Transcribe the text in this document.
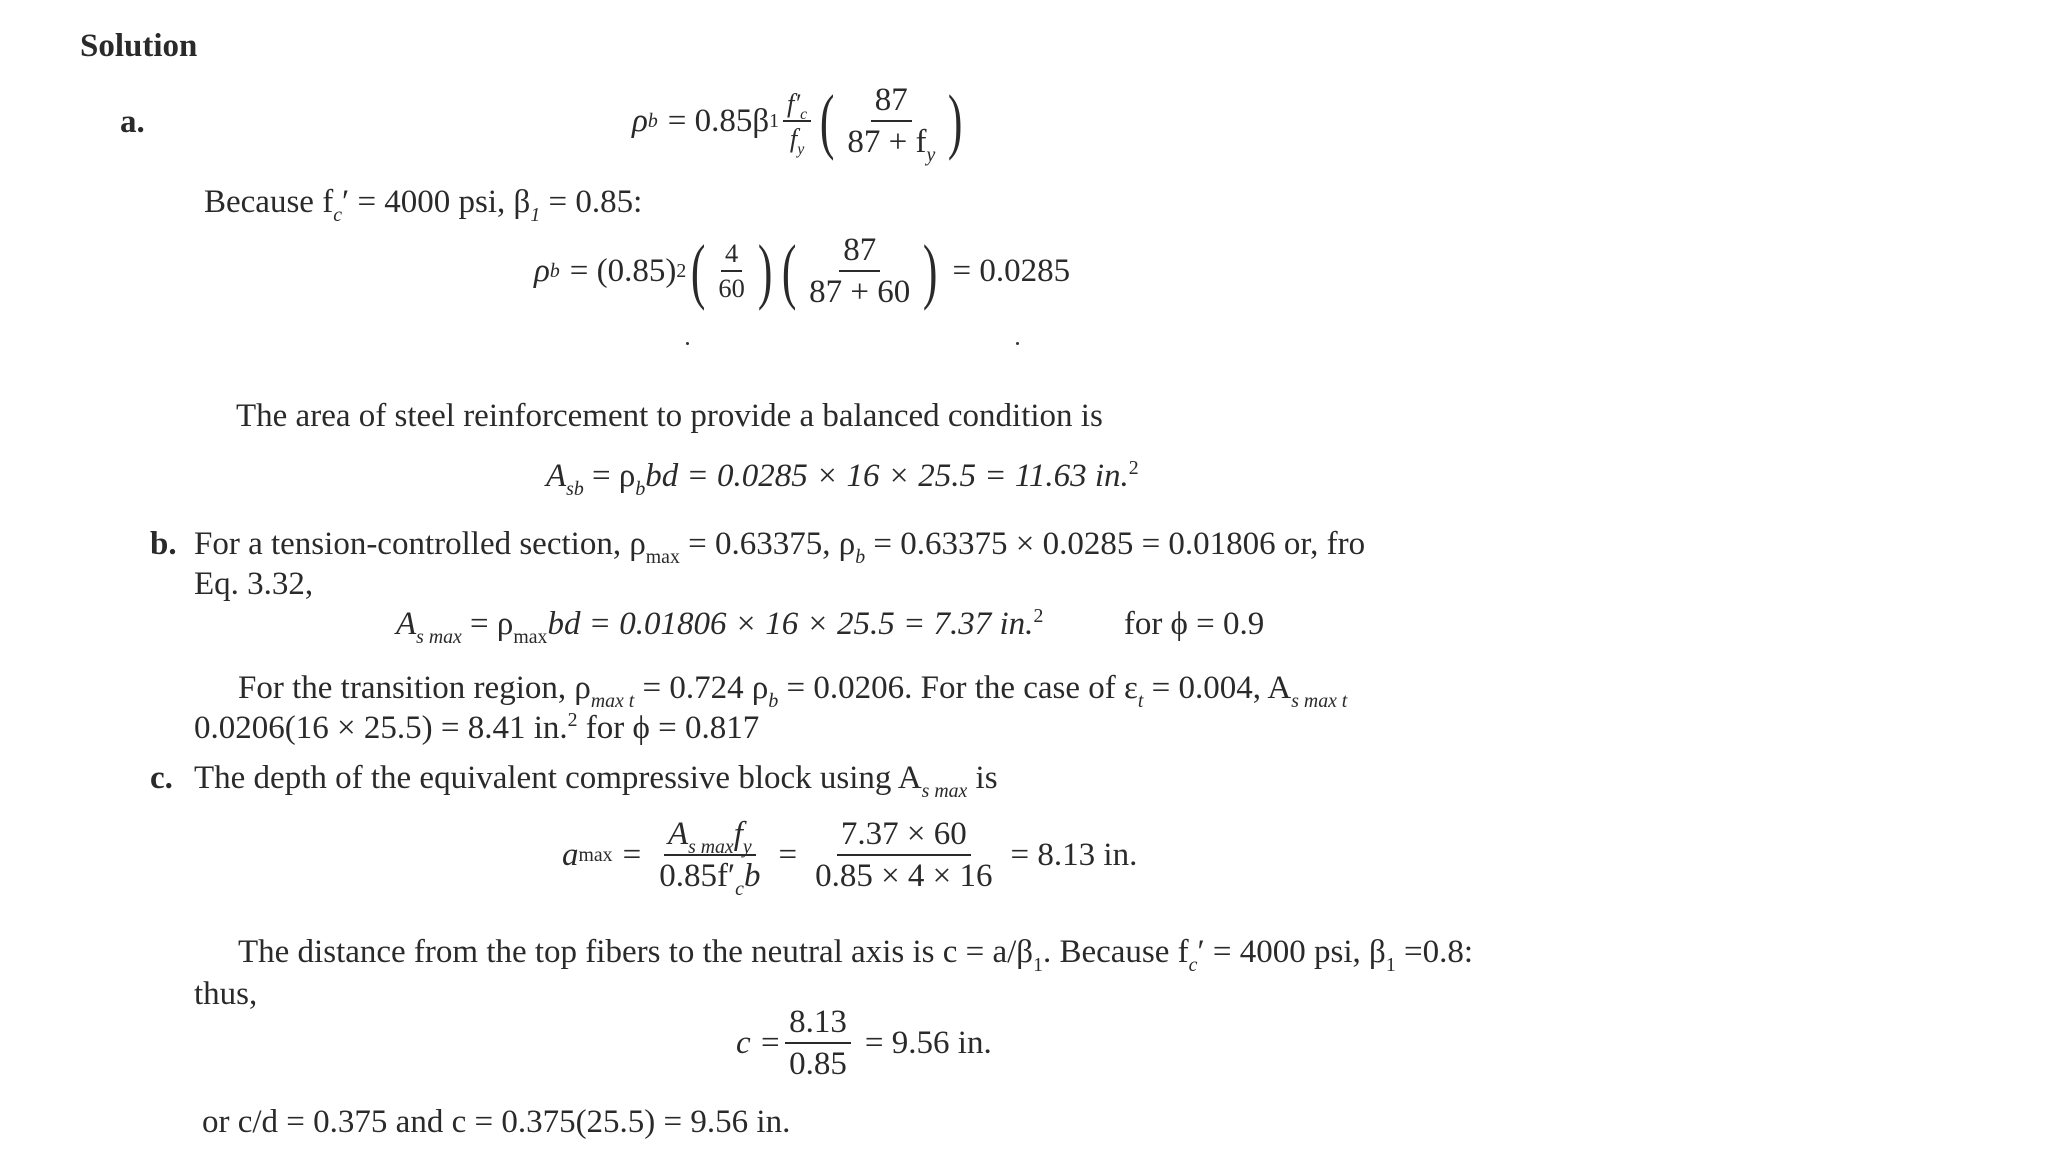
Solution
a.	ρ b = 0.85β $1 \frac{f'_c}{f_y}$ ( $\frac{87}{87 + f_y}$ )
Because $f_c' = 4000$ psi, $\beta_1 = 0.85$:
ρ b = (0.85) 2 ( $\frac{4}{60}$ ) ( $\frac{87}{87 + 60}$ ) = 0.0285
The area of steel reinforcement to provide a balanced condition is
$A_{sb} = \rho_bbd = 0.0285 \times 16 \times 25.5 = 11.63$ in.$^2$
b. For a tension-controlled section, $\rho_{max} = 0.63375$, $\rho_b = 0.63375 \times 0.0285 = 0.01806$ or, fro
Eq. 3.32,
$A_{s max} = \rho_{max}bd = 0.01806 \times 16 \times 25.5 = 7.37$ in.$^2$ for ϕ = 0.9
For the transition region, $\rho_{max t} = 0.724$ $\rho_b = 0.0206$. For the case of $\varepsilon_t = 0.004$, $A_{s max t}$
0.0206(16 × 25.5) = 8.41 in.$^2$ for ϕ = 0.817
c. The depth of the equivalent compressive block using $A_{s max}$ is
a $\max = \frac{A_{s max}f_y}{0.85f'_cb} = \frac{7.37 \times 60}{0.85 \times 4 \times 16} = 8.13$ in.
The distance from the top fibers to the neutral axis is $c = a/\beta_1$. Because $f_c' = 4000$ psi, $\beta_1 =0.8$:
thus,
$c = \frac{8.13}{0.85} = 9.56$ in.
or c/d = 0.375 and c = 0.375(25.5) = 9.56 in.
